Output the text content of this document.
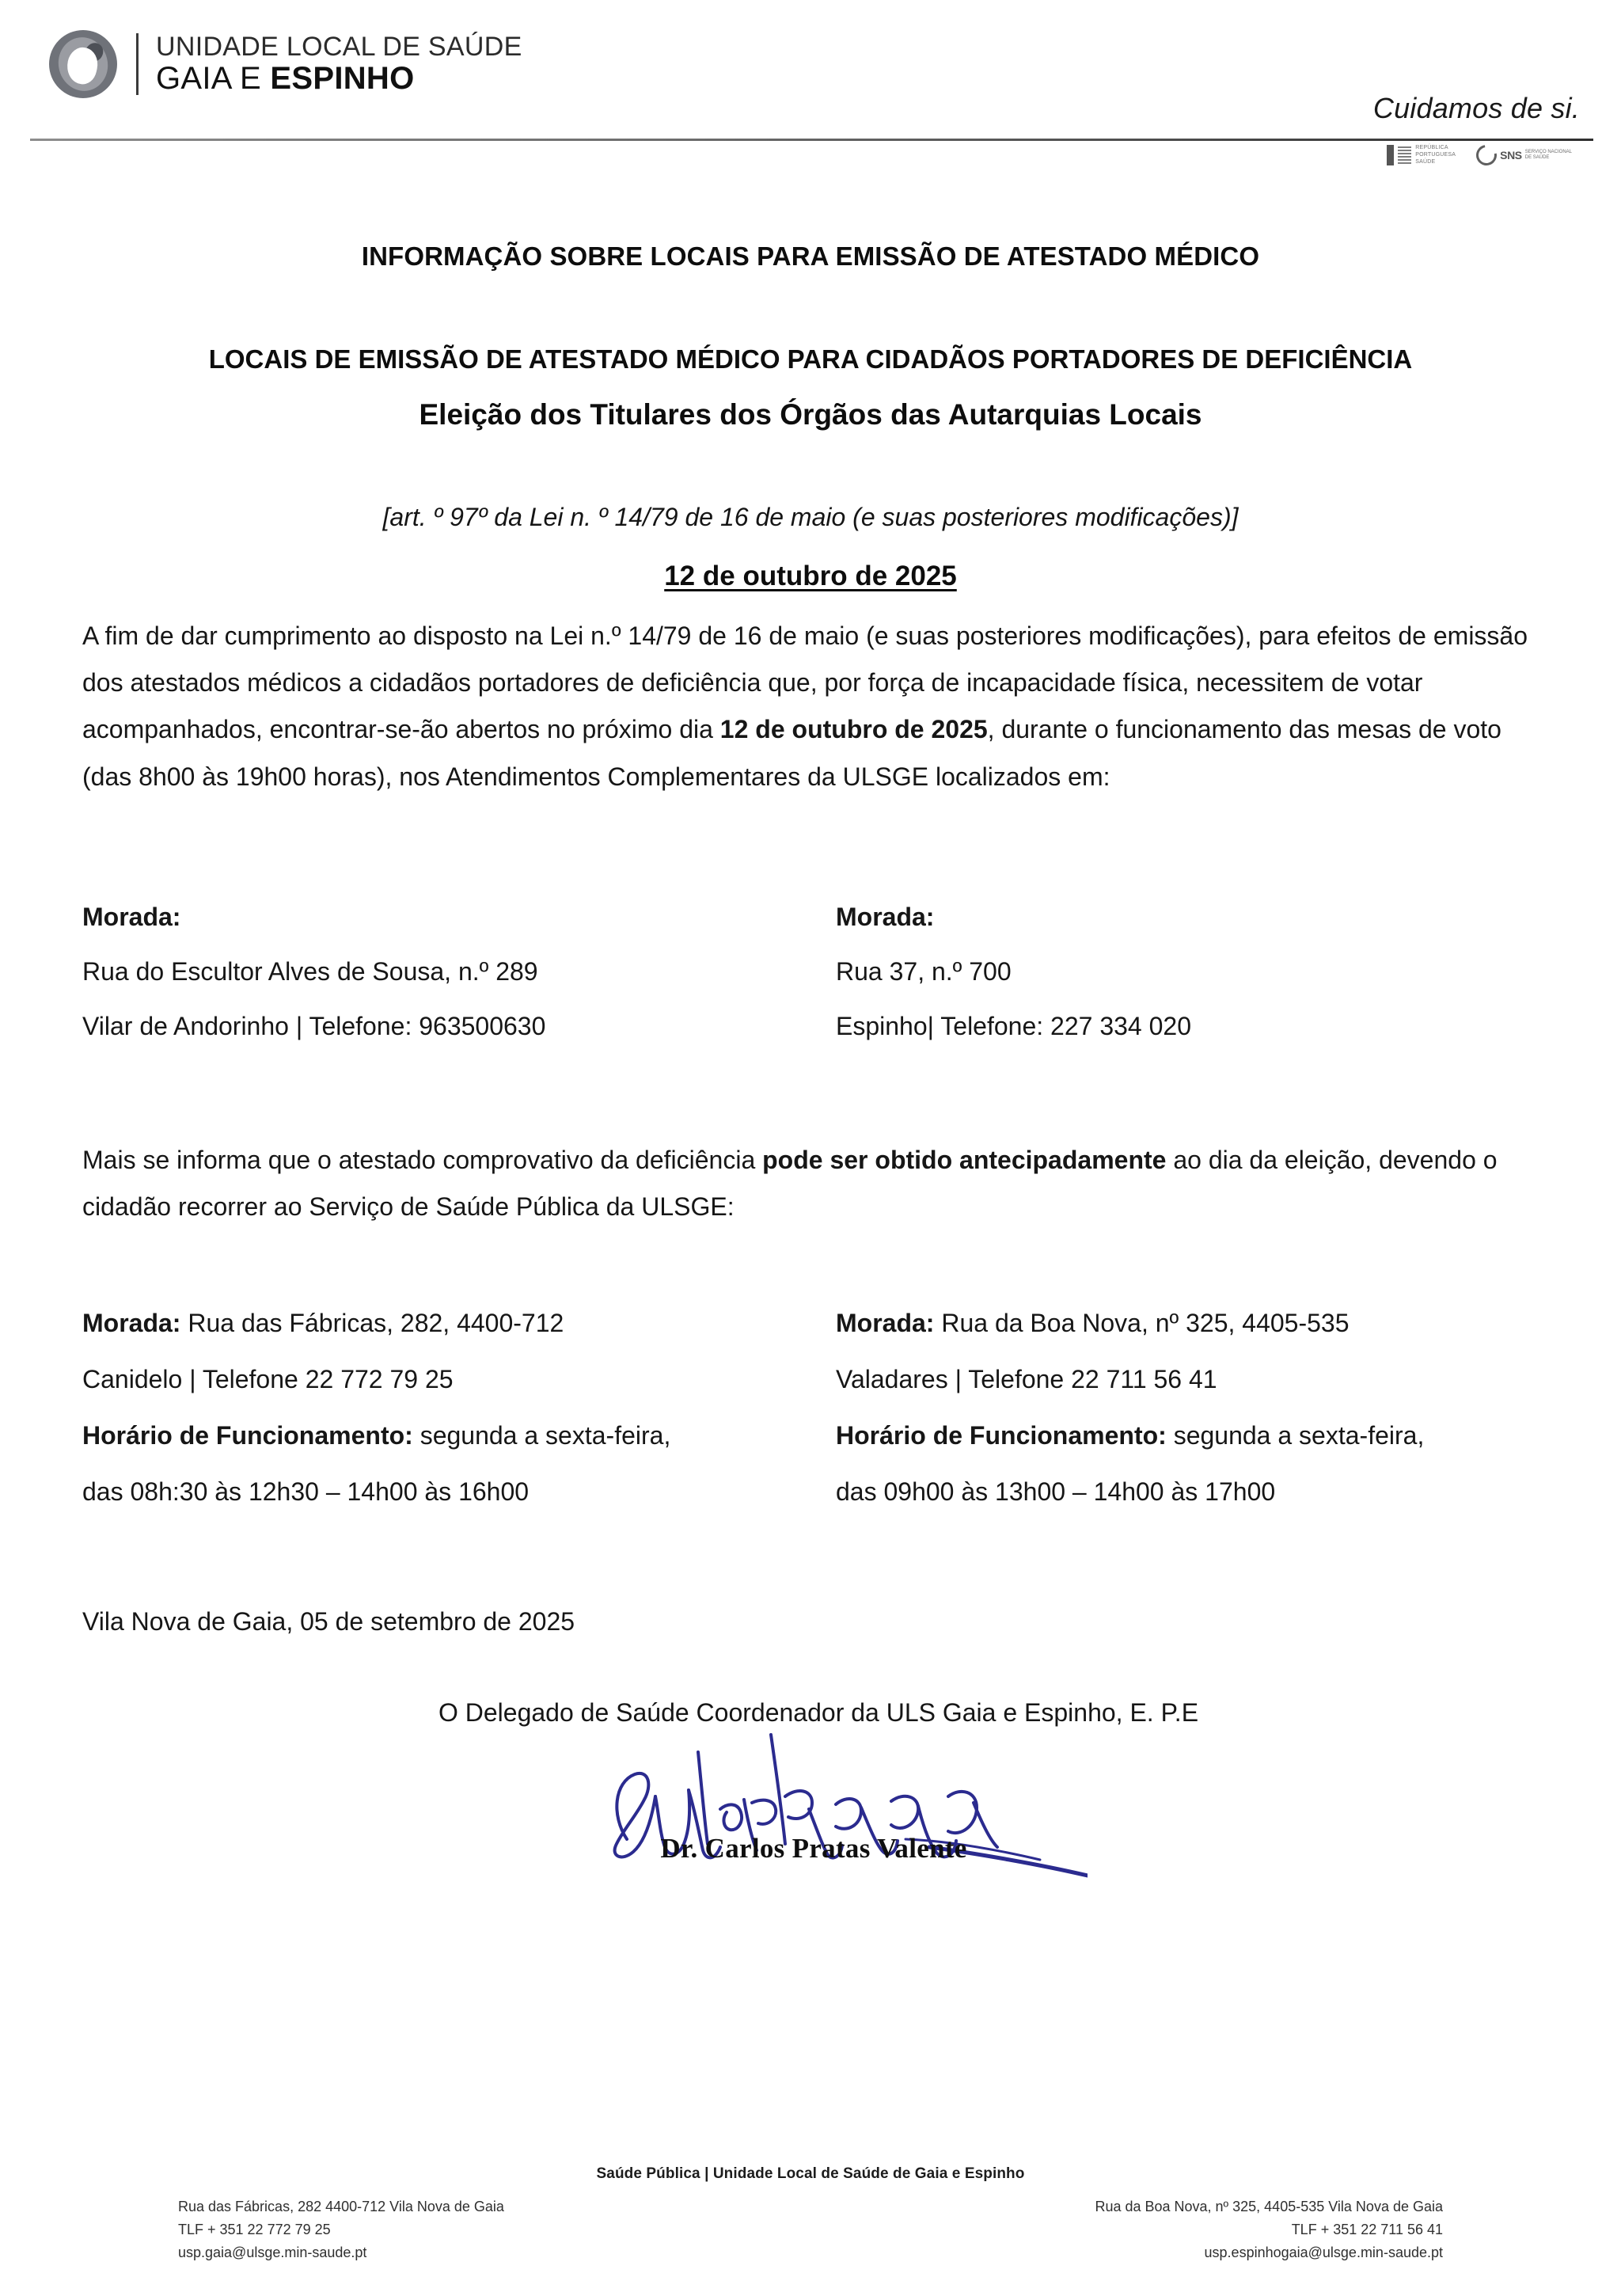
UNIDADE LOCAL DE SAÚDE
GAIA E ESPINHO
Cuidamos de si.
REPÚBLICA
PORTUGUESA
SAÚDE	SNS SERVIÇO NACIONAL
DE SAÚDE
INFORMAÇÃO SOBRE LOCAIS PARA EMISSÃO DE ATESTADO MÉDICO
LOCAIS DE EMISSÃO DE ATESTADO MÉDICO PARA CIDADÃOS PORTADORES DE DEFICIÊNCIA
Eleição dos Titulares dos Órgãos das Autarquias Locais
[art. º 97º da Lei n. º 14/79 de 16 de maio (e suas posteriores modificações)]
12 de outubro de 2025
A fim de dar cumprimento ao disposto na Lei n.º 14/79 de 16 de maio (e suas posteriores modificações), para efeitos de emissão dos atestados médicos a cidadãos portadores de deficiência que, por força de incapacidade física, necessitem de votar acompanhados, encontrar-se-ão abertos no próximo dia 12 de outubro de 2025, durante o funcionamento das mesas de voto (das 8h00 às 19h00 horas), nos Atendimentos Complementares da ULSGE localizados em:
Morada:
Rua do Escultor Alves de Sousa, n.º 289
Vilar de Andorinho | Telefone: 963500630
Morada:
Rua 37, n.º 700
Espinho| Telefone: 227 334 020
Mais se informa que o atestado comprovativo da deficiência pode ser obtido antecipadamente ao dia da eleição, devendo o cidadão recorrer ao Serviço de Saúde Pública da ULSGE:
Morada: Rua das Fábricas, 282, 4400-712
Canidelo | Telefone 22 772 79 25
Horário de Funcionamento: segunda a sexta-feira,
das 08h:30 às 12h30 – 14h00 às 16h00
Morada: Rua da Boa Nova, nº 325, 4405-535
Valadares | Telefone 22 711 56 41
Horário de Funcionamento: segunda a sexta-feira,
das 09h00 às 13h00 – 14h00 às 17h00
Vila Nova de Gaia, 05 de setembro de 2025
O Delegado de Saúde Coordenador da ULS Gaia e Espinho, E. P.E
Dr. Carlos Pratas Valente
Saúde Pública | Unidade Local de Saúde de Gaia e Espinho
Rua das Fábricas, 282 4400-712 Vila Nova de Gaia
TLF + 351 22 772 79 25
usp.gaia@ulsge.min-saude.pt
Rua da Boa Nova, nº 325, 4405-535 Vila Nova de Gaia
TLF + 351 22 711 56 41
usp.espinhogaia@ulsge.min-saude.pt
